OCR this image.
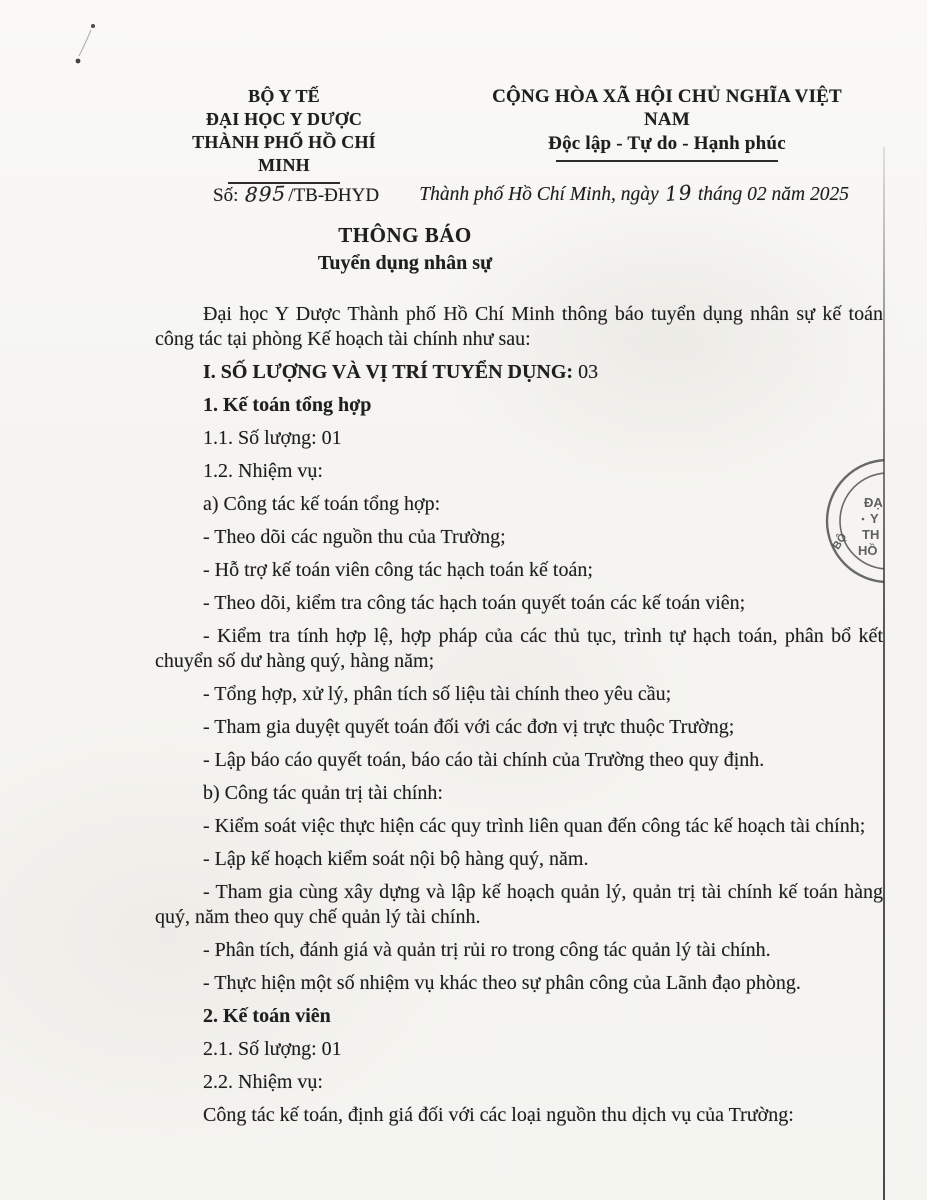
BỘ Y TẾ
ĐẠI HỌC Y DƯỢC
THÀNH PHỐ HỒ CHÍ MINH
CỘNG HÒA XÃ HỘI CHỦ NGHĨA VIỆT NAM
Độc lập - Tự do - Hạnh phúc
Số: 895/TB-ĐHYD Thành phố Hồ Chí Minh, ngày 19 tháng 02 năm 2025
THÔNG BÁO
Tuyển dụng nhân sự

Đại học Y Dược Thành phố Hồ Chí Minh thông báo tuyển dụng nhân sự kế toán công tác tại phòng Kế hoạch tài chính như sau:

I. SỐ LƯỢNG VÀ VỊ TRÍ TUYỂN DỤNG: 03

1. Kế toán tổng hợp

1.1. Số lượng: 01

1.2. Nhiệm vụ:

a) Công tác kế toán tổng hợp:

- Theo dõi các nguồn thu của Trường;

- Hỗ trợ kế toán viên công tác hạch toán kế toán;

- Theo dõi, kiểm tra công tác hạch toán quyết toán các kế toán viên;

- Kiểm tra tính hợp lệ, hợp pháp của các thủ tục, trình tự hạch toán, phân bổ kết chuyển số dư hàng quý, hàng năm;

- Tổng hợp, xử lý, phân tích số liệu tài chính theo yêu cầu;

- Tham gia duyệt quyết toán đối với các đơn vị trực thuộc Trường;

- Lập báo cáo quyết toán, báo cáo tài chính của Trường theo quy định.

b) Công tác quản trị tài chính:

- Kiểm soát việc thực hiện các quy trình liên quan đến công tác kế hoạch tài chính;

- Lập kế hoạch kiểm soát nội bộ hàng quý, năm.

- Tham gia cùng xây dựng và lập kế hoạch quản lý, quản trị tài chính kế toán hàng quý, năm theo quy chế quản lý tài chính.

- Phân tích, đánh giá và quản trị rủi ro trong công tác quản lý tài chính.

- Thực hiện một số nhiệm vụ khác theo sự phân công của Lãnh đạo phòng.

2. Kế toán viên

2.1. Số lượng: 01

2.2. Nhiệm vụ:

Công tác kế toán, định giá đối với các loại nguồn thu dịch vụ của Trường:

ĐẠ
Y
TH
HỒ
BỘ
